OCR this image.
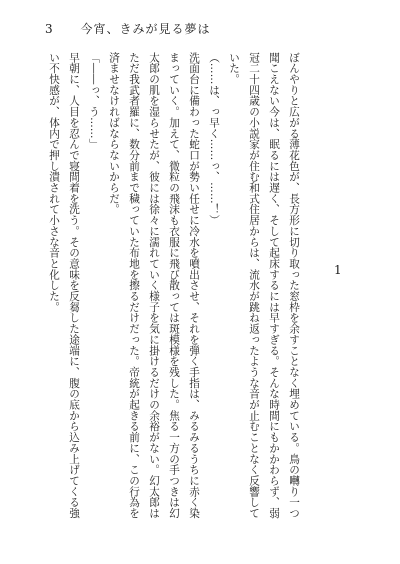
3 今宵、きみが見る夢は
1

ぼんやりと広がる薄花色が、長方形に切り取った窓枠を余すことなく埋めている。鳥の囀り一つ聞こえない今は、眠るには遅く、そして起床するには早すぎる。そんな時間にもかかわらず、弱冠二十四歳の小説家が住む和式住居からは、流水が跳ね返ったような音が止むことなく反響していた。

（……は、っ早く……っ、……！）

洗面台に備わった蛇口が勢い任せに冷水を噴出させ、それを弾く手指は、みるみるうちに赤く染まっていく。加えて、微粒の飛沫も衣服に飛び散っては斑模様を残した。焦る一方の手つきは幻太郎の肌を湿らせたが、彼には徐々に濡れていく様子を気に掛けるだけの余裕がない。幻太郎はただ我武者羅に、数分前まで穢っていた布地を擦るだけだった。帝統が起きる前に、この行為を済ませなければならないからだ。

「――っ、う……」

早朝に、人目を忍んで寝間着を洗う。その意味を反芻した途端に、腹の底から込み上げてくる強い不快感が、体内で押し潰されて小さな音と化した。
